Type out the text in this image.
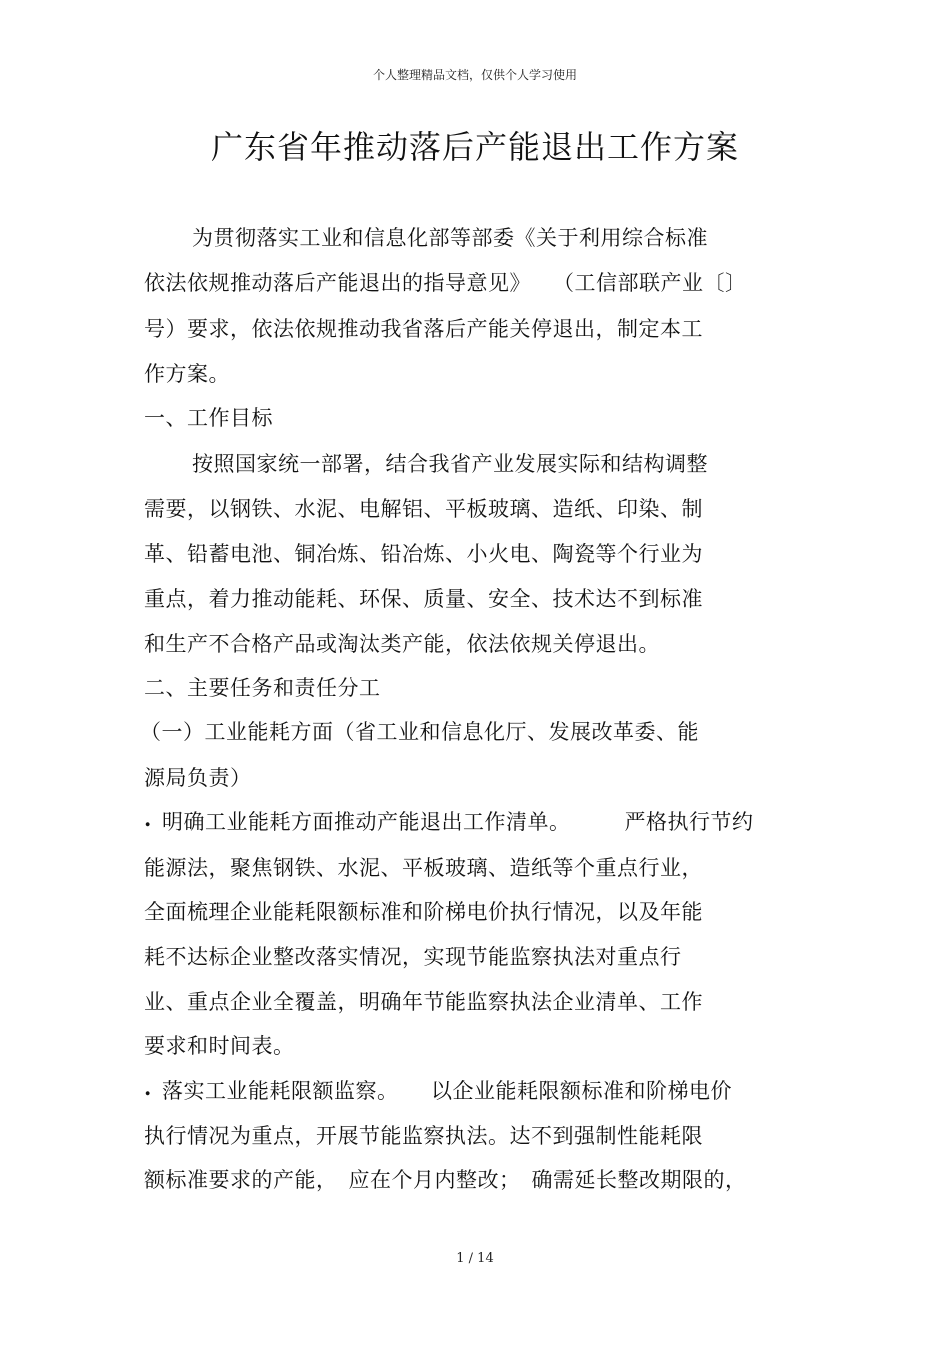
个人整理精品文档，仅供个人学习使用
广东省年推动落后产能退出工作方案
为贯彻落实工业和信息化部等部委《关于利用综合标准
依法依规推动落后产能退出的指导意见》　　（工信部联产业〔〕
号）要求，依法依规推动我省落后产能关停退出，制定本工
作方案。
一、工作目标
按照国家统一部署，结合我省产业发展实际和结构调整
需要，以钢铁、水泥、电解铝、平板玻璃、造纸、印染、制
革、铅蓄电池、铜冶炼、铅冶炼、小火电、陶瓷等个行业为
重点，着力推动能耗、环保、质量、安全、技术达不到标准
和生产不合格产品或淘汰类产能，依法依规关停退出。
二、主要任务和责任分工
（一）工业能耗方面（省工业和信息化厅、发展改革委、能
源局负责）
. 明确工业能耗方面推动产能退出工作清单。　　　严格执行节约
能源法，聚焦钢铁、水泥、平板玻璃、造纸等个重点行业，
全面梳理企业能耗限额标准和阶梯电价执行情况，以及年能
耗不达标企业整改落实情况，实现节能监察执法对重点行
业、重点企业全覆盖，明确年节能监察执法企业清单、工作
要求和时间表。
. 落实工业能耗限额监察。　　以企业能耗限额标准和阶梯电价
执行情况为重点，开展节能监察执法。达不到强制性能耗限
额标准要求的产能，　应在个月内整改；　确需延长整改期限的，
1 / 14
